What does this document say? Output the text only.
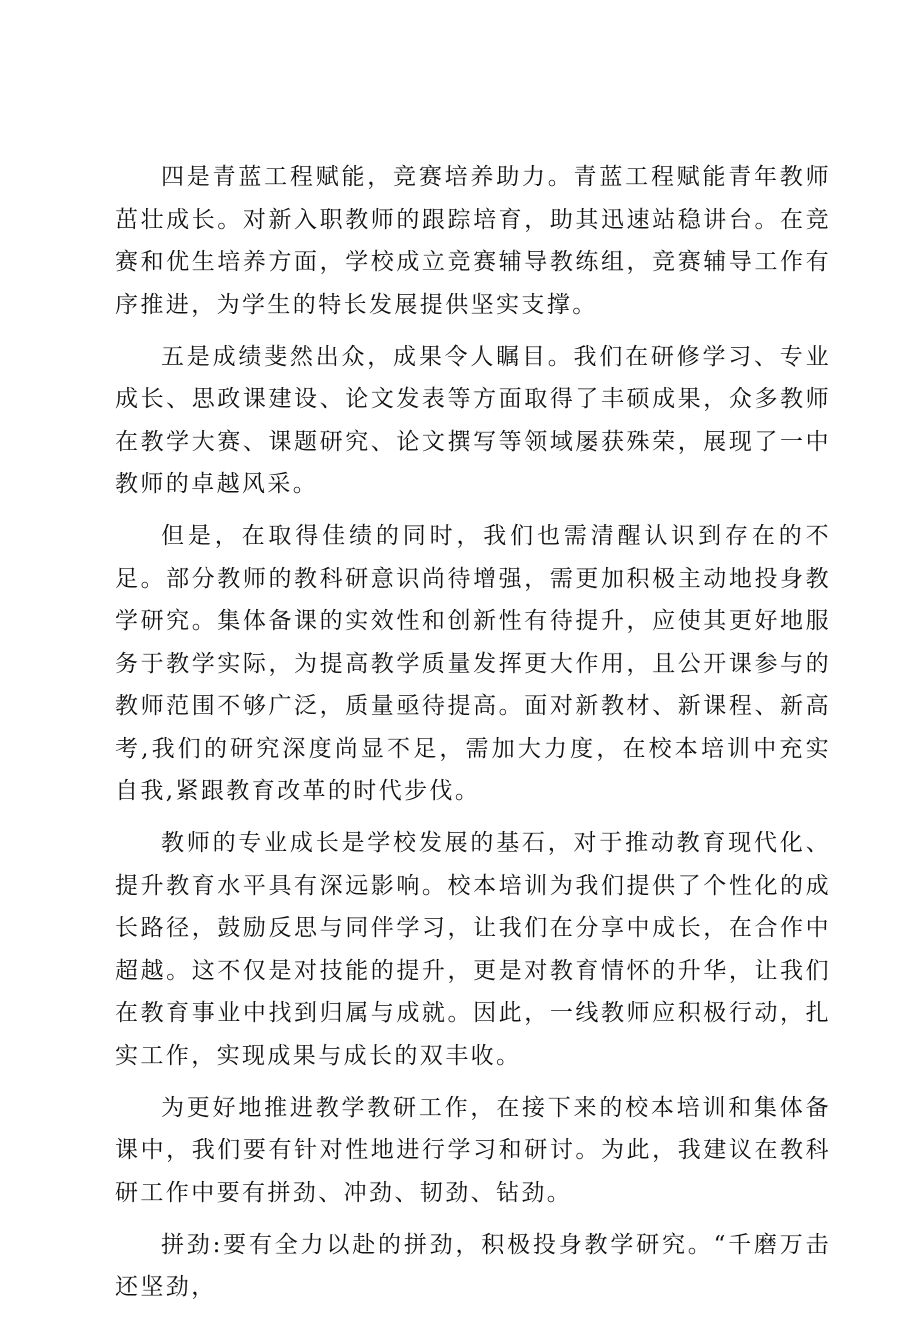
四是青蓝工程赋能，竞赛培养助力。青蓝工程赋能青年教师茁壮成长。对新入职教师的跟踪培育，助其迅速站稳讲台。在竞赛和优生培养方面，学校成立竞赛辅导教练组，竞赛辅导工作有序推进，为学生的特长发展提供坚实支撑。

五是成绩斐然出众，成果令人瞩目。我们在研修学习、专业成长、思政课建设、论文发表等方面取得了丰硕成果，众多教师在教学大赛、课题研究、论文撰写等领域屡获殊荣，展现了一中教师的卓越风采。

但是，在取得佳绩的同时，我们也需清醒认识到存在的不足。部分教师的教科研意识尚待增强，需更加积极主动地投身教学研究。集体备课的实效性和创新性有待提升，应使其更好地服务于教学实际，为提高教学质量发挥更大作用，且公开课参与的教师范围不够广泛，质量亟待提高。面对新教材、新课程、新高考,我们的研究深度尚显不足，需加大力度，在校本培训中充实自我,紧跟教育改革的时代步伐。

教师的专业成长是学校发展的基石，对于推动教育现代化、提升教育水平具有深远影响。校本培训为我们提供了个性化的成长路径，鼓励反思与同伴学习，让我们在分享中成长，在合作中超越。这不仅是对技能的提升，更是对教育情怀的升华，让我们在教育事业中找到归属与成就。因此，一线教师应积极行动，扎实工作，实现成果与成长的双丰收。

为更好地推进教学教研工作，在接下来的校本培训和集体备课中，我们要有针对性地进行学习和研讨。为此，我建议在教科研工作中要有拼劲、冲劲、韧劲、钻劲。

拼劲:要有全力以赴的拼劲，积极投身教学研究。“千磨万击还坚劲，
